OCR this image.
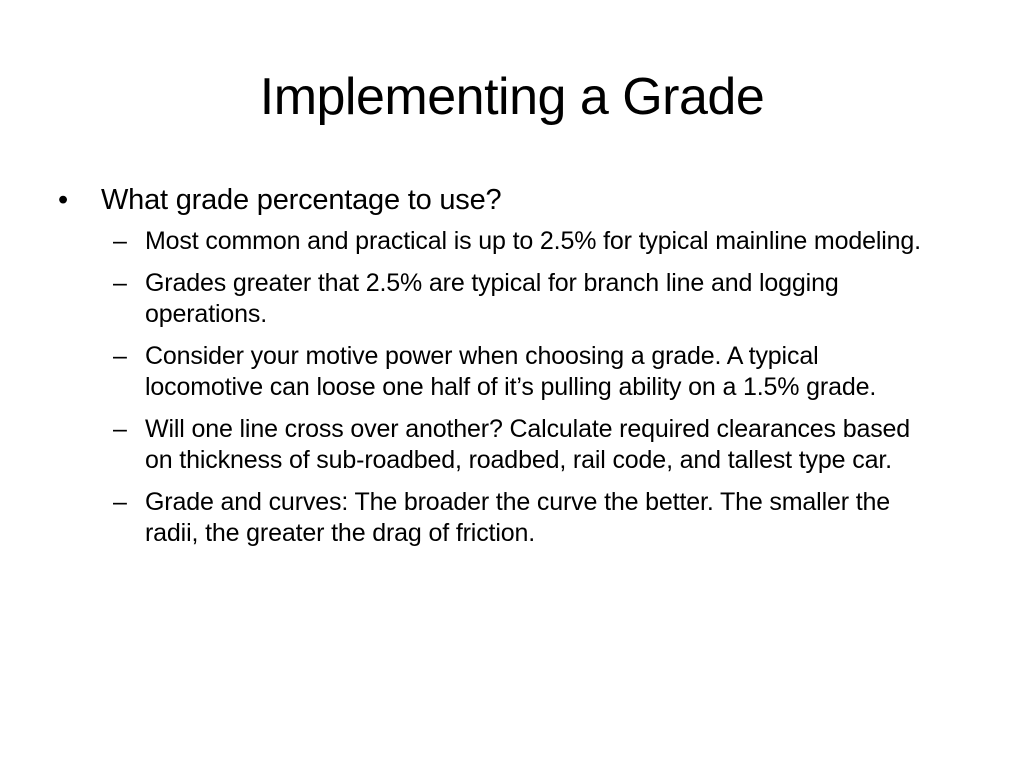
Implementing a Grade
•	What grade percentage to use?
– Most common and practical is up to 2.5% for typical mainline modeling.
– Grades greater that 2.5% are typical for branch line and logging operations.
– Consider your motive power when choosing a grade. A typical locomotive can loose one half of it’s pulling ability on a 1.5% grade.
– Will one line cross over another? Calculate required clearances based on thickness of sub-roadbed, roadbed, rail code, and tallest type car.
– Grade and curves: The broader the curve the better. The smaller the radii, the greater the drag of friction.
